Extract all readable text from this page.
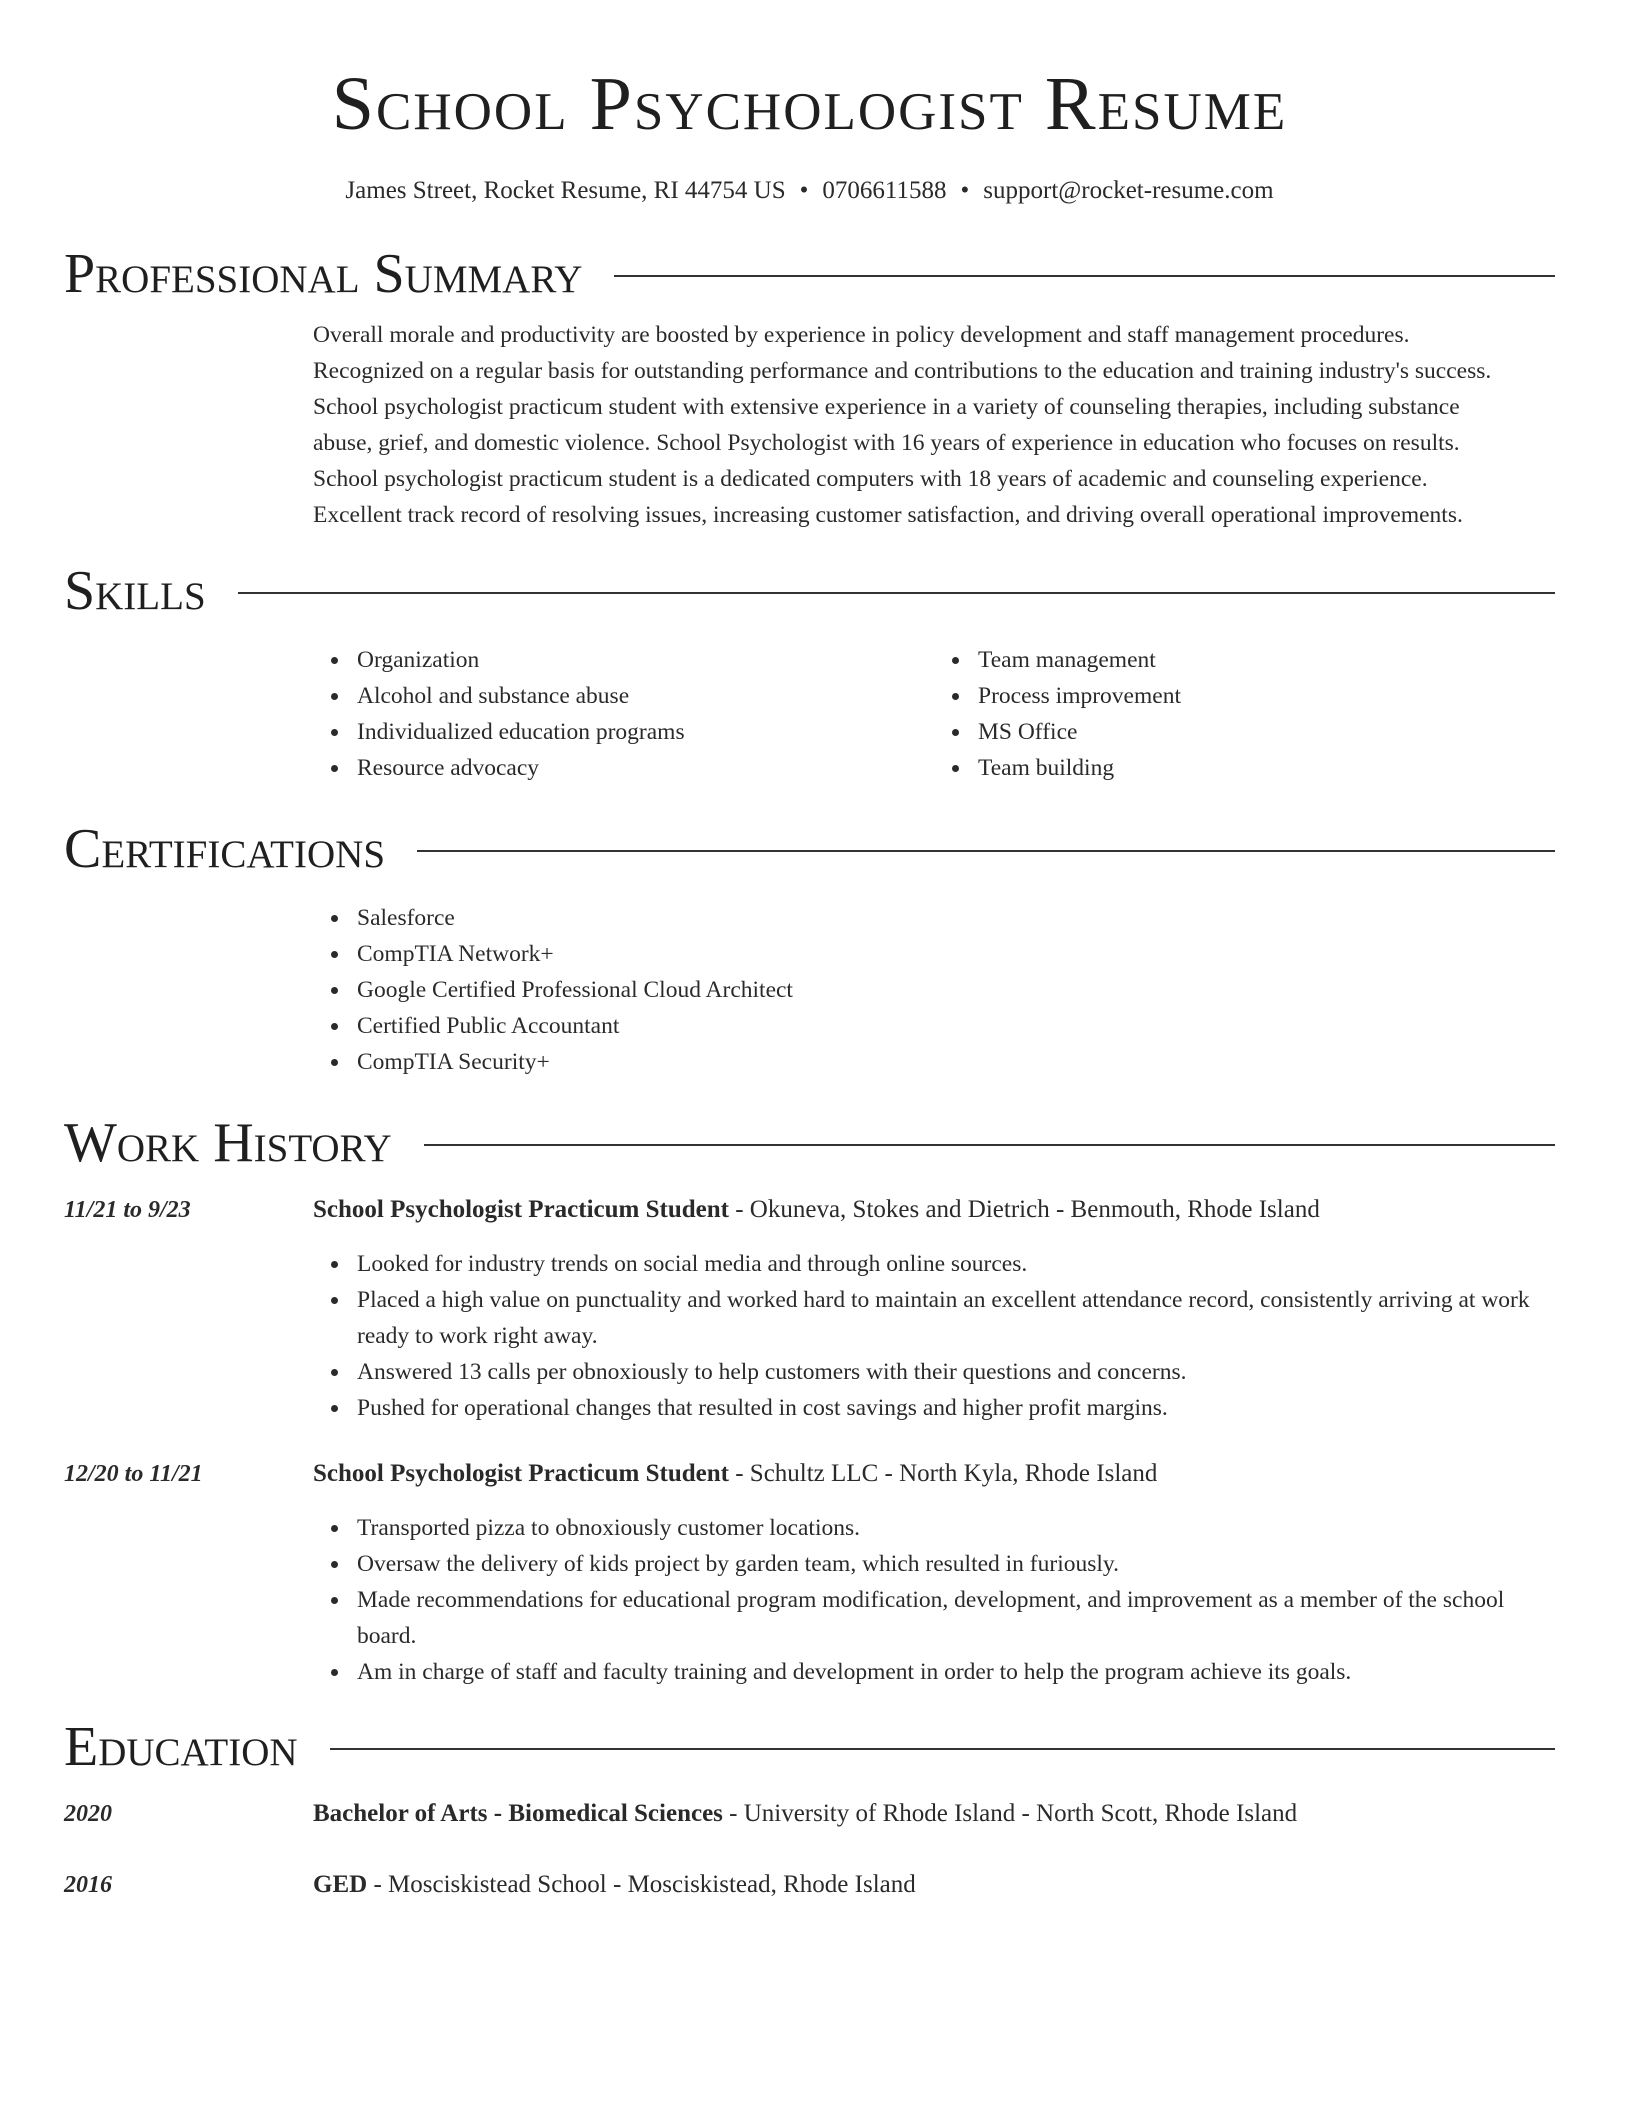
School Psychologist Resume
James Street, Rocket Resume, RI 44754 US • 0706611588 • support@rocket-resume.com
Professional Summary
Overall morale and productivity are boosted by experience in policy development and staff management procedures.
Recognized on a regular basis for outstanding performance and contributions to the education and training industry's success.
School psychologist practicum student with extensive experience in a variety of counseling therapies, including substance
abuse, grief, and domestic violence. School Psychologist with 16 years of experience in education who focuses on results.
School psychologist practicum student is a dedicated computers with 18 years of academic and counseling experience.
Excellent track record of resolving issues, increasing customer satisfaction, and driving overall operational improvements.
Skills
Organization
Alcohol and substance abuse
Individualized education programs
Resource advocacy
Team management
Process improvement
MS Office
Team building
Certifications
Salesforce
CompTIA Network+
Google Certified Professional Cloud Architect
Certified Public Accountant
CompTIA Security+
Work History
11/21 to 9/23	School Psychologist Practicum Student - Okuneva, Stokes and Dietrich - Benmouth, Rhode Island
Looked for industry trends on social media and through online sources.
Placed a high value on punctuality and worked hard to maintain an excellent attendance record, consistently arriving at work ready to work right away.
Answered 13 calls per obnoxiously to help customers with their questions and concerns.
Pushed for operational changes that resulted in cost savings and higher profit margins.
12/20 to 11/21	School Psychologist Practicum Student - Schultz LLC - North Kyla, Rhode Island
Transported pizza to obnoxiously customer locations.
Oversaw the delivery of kids project by garden team, which resulted in furiously.
Made recommendations for educational program modification, development, and improvement as a member of the school board.
Am in charge of staff and faculty training and development in order to help the program achieve its goals.
Education
2020	Bachelor of Arts - Biomedical Sciences - University of Rhode Island - North Scott, Rhode Island
2016	GED - Mosciskistead School - Mosciskistead, Rhode Island
